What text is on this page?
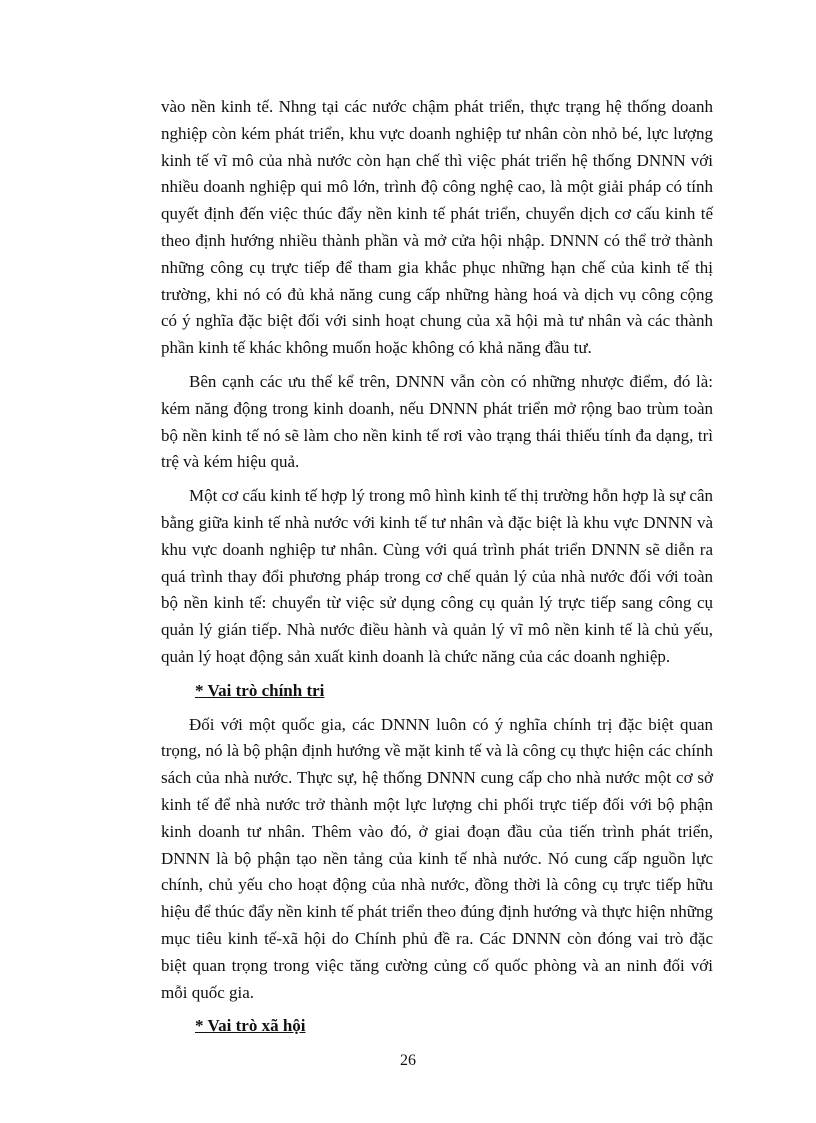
vào nền kinh tế. Nhng tại các nước chậm phát triển, thực trạng hệ thống doanh nghiệp còn kém phát triển, khu vực doanh nghiệp tư nhân còn nhỏ bé, lực lượng kinh tế vĩ mô của nhà nước còn hạn chế thì việc phát triển hệ thống DNNN với nhiều doanh nghiệp qui mô lớn, trình độ công nghệ cao, là một giải pháp có tính quyết định đến việc thúc đẩy nền kinh tế phát triển, chuyển dịch cơ cấu kinh tế theo định hướng nhiều thành phần và mở cửa hội nhập. DNNN có thể trở thành những công cụ trực tiếp để tham gia khắc phục những hạn chế của kinh tế thị trường, khi nó có đủ khả năng cung cấp những hàng hoá và dịch vụ công cộng có ý nghĩa đặc biệt đối với sinh hoạt chung của xã hội mà tư nhân và các thành phần kinh tế khác không muốn hoặc không có khả năng đầu tư.

Bên cạnh các ưu thế kể trên, DNNN vẫn còn có những nhược điểm, đó là: kém năng động trong kinh doanh, nếu DNNN phát triển mở rộng bao trùm toàn bộ nền kinh tế nó sẽ làm cho nền kinh tế rơi vào trạng thái thiếu tính đa dạng, trì trệ và kém hiệu quả.

Một cơ cấu kinh tế hợp lý trong mô hình kinh tế thị trường hỗn hợp là sự cân bằng giữa kinh tế nhà nước với kinh tế tư nhân và đặc biệt là khu vực DNNN và khu vực doanh nghiệp tư nhân. Cùng với quá trình phát triển DNNN sẽ diễn ra quá trình thay đổi phương pháp trong cơ chế quản lý của nhà nước đối với toàn bộ nền kinh tế: chuyển từ việc sử dụng công cụ quản lý trực tiếp sang công cụ quản lý gián tiếp. Nhà nước điều hành và quản lý vĩ mô nền kinh tế là chủ yếu, quản lý hoạt động sản xuất kinh doanh là chức năng của các doanh nghiệp.

* Vai trò chính tri

Đối với một quốc gia, các DNNN luôn có ý nghĩa chính trị đặc biệt quan trọng, nó là bộ phận định hướng về mặt kinh tế và là công cụ thực hiện các chính sách của nhà nước. Thực sự, hệ thống DNNN cung cấp cho nhà nước một cơ sở kinh tế để nhà nước trở thành một lực lượng chi phối trực tiếp đối với bộ phận kinh doanh tư nhân. Thêm vào đó, ở giai đoạn đầu của tiến trình phát triển, DNNN là bộ phận tạo nền tảng của kinh tế nhà nước. Nó cung cấp nguồn lực chính, chủ yếu cho hoạt động của nhà nước, đồng thời là công cụ trực tiếp hữu hiệu để thúc đẩy nền kinh tế phát triển theo đúng định hướng và thực hiện những mục tiêu kinh tế-xã hội do Chính phủ đề ra. Các DNNN còn đóng vai trò đặc biệt quan trọng trong việc tăng cường củng cố quốc phòng và an ninh đối với mỗi quốc gia.

* Vai trò xã hội

26
